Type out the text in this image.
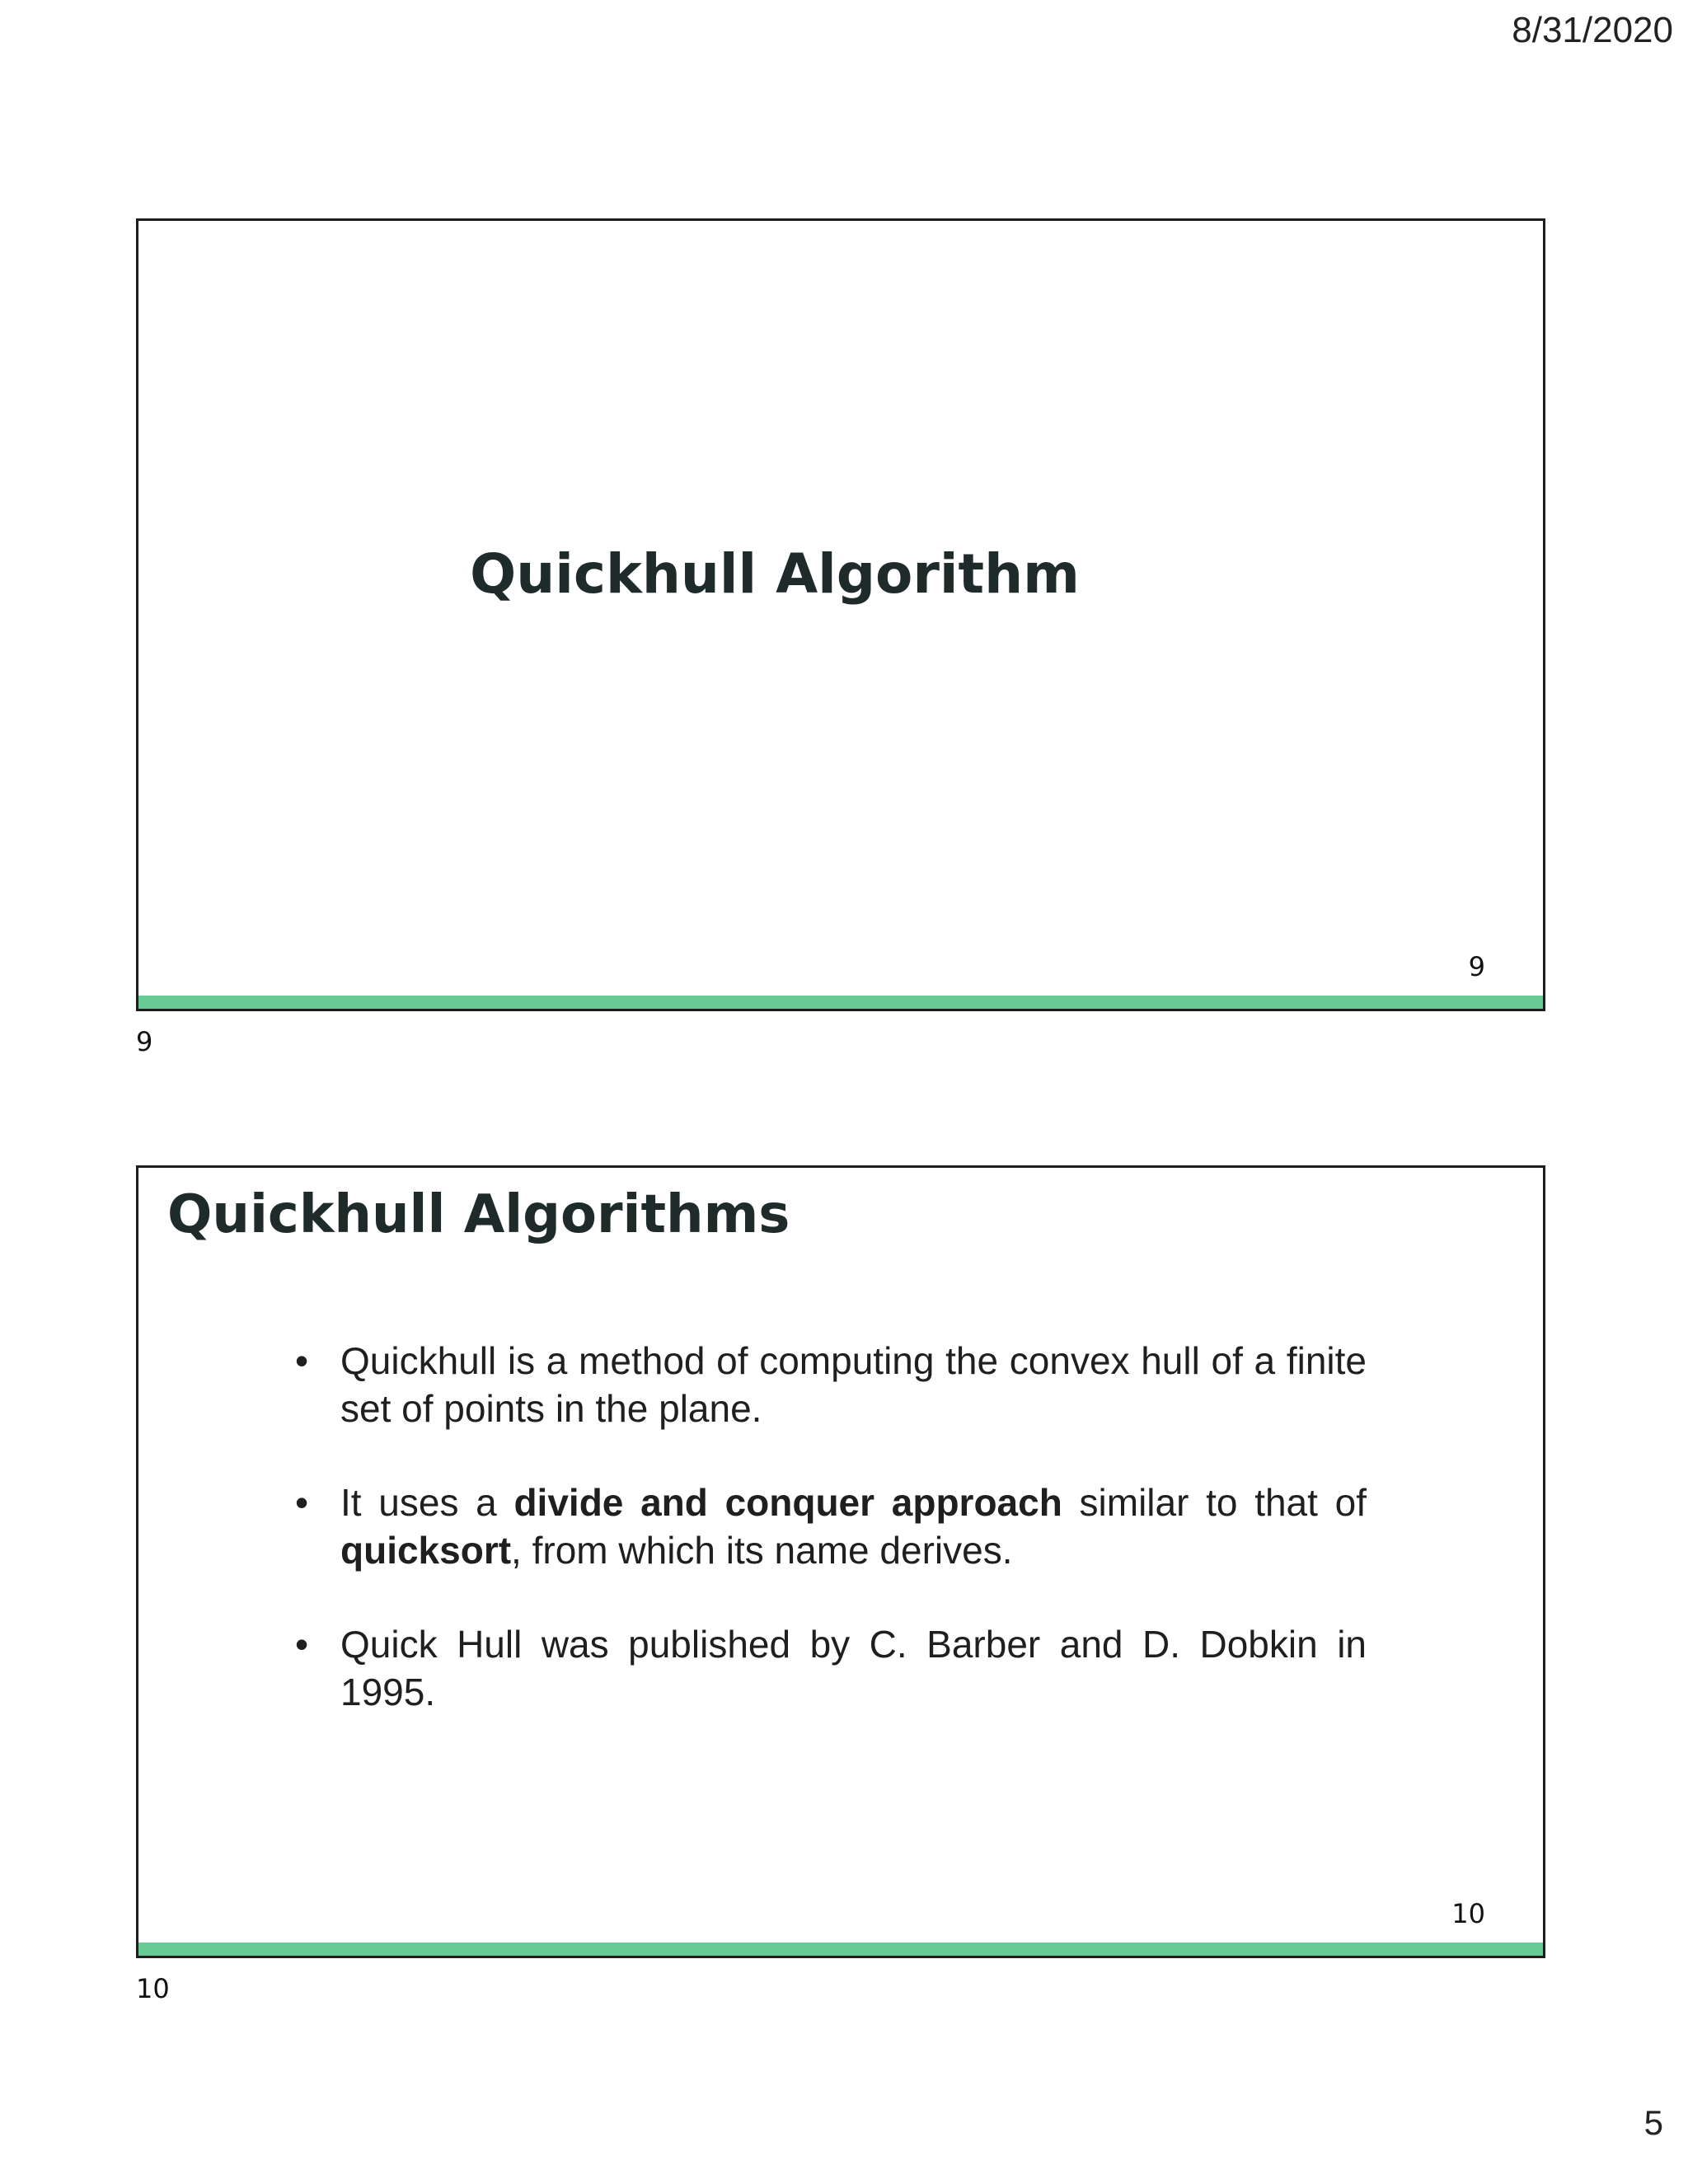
8/31/2020
Quickhull Algorithm
9
9
Quickhull Algorithms
• Quickhull is a method of computing the convex hull of a finite set of points in the plane.
• It uses a divide and conquer approach similar to that of quicksort, from which its name derives.
• Quick Hull was published by C. Barber and D. Dobkin in 1995.
10
10
5
